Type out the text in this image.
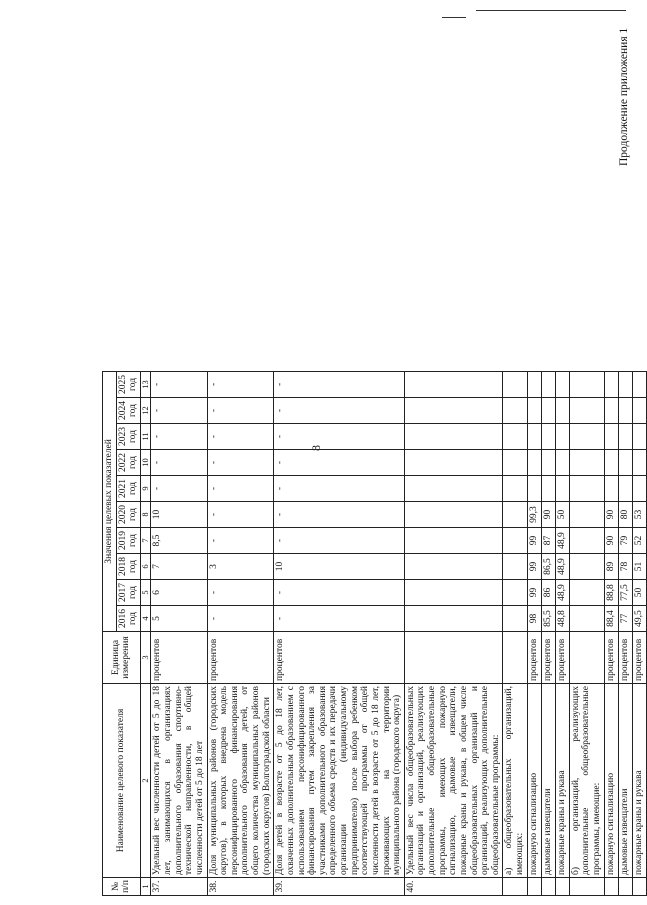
8
Продолжение приложения 1
№ п/п	Наименование целевого показателя	Единица измерения	Значения целевых показателей										
			2016 год	2017 год	2018 год	2019 год	2020 год	2021 год	2022 год	2023 год	2024 год	2025 год	
1	2	3	4	5	6	7	8	9	10	11	12	13	
37.	Удельный вес численности детей от 5 до 18 лет, занимающихся в организациях дополнительного образования спортивно-технической направленности, в общей численности детей от 5 до 18 лет	процентов	5	6	7	8,5	10	-	-	-	-	-	
38.	Доля муниципальных районов (городских округов), в которых внедрена модель персонифицированного финансирования дополнительного образования детей, от общего количества муниципальных районов (городских округов) Волгоградской области	процентов	-	-	3	-	-	-	-	-	-	-	
39.	Доля детей в возрасте от 5 до 18 лет, охваченных дополнительным образованием с использованием персонифицированного финансирования путем закрепления за участниками дополнительного образования определенного объема средств и их передачи организации (индивидуальному предпринимателю) после выбора ребенком соответствующей программы от общей численности детей в возрасте от 5 до 18 лет, проживающих на территории муниципального района (городского округа)	процентов	-	-	10	-	-	-	-	-	-	-	
40.	Удельный вес числа общеобразовательных организаций и организаций, реализующих дополнительные общеобразовательные программы, имеющих пожарную сигнализацию, дымовые извещатели, пожарные краны и рукава, в общем числе общеобразовательных организаций и организаций, реализующих дополнительные общеобразовательные программы:												
	а) общеобразовательных организаций, имеющих:												
	пожарную сигнализацию	процентов	98	99	99	99	99,3						
	дымовые извещатели	процентов	85,5	86	86,5	87	90						
	пожарные краны и рукава	процентов	48,8	48,9	48,9	48,9	50						
	б) организаций, реализующих дополнительные общеобразовательные программы, имеющие:												
	пожарную сигнализацию	процентов	88,4	88,8	89	90	90						
	дымовые извещатели	процентов	77	77,5	78	79	80						
	пожарные краны и рукава	процентов	49,5	50	51	52	53						
